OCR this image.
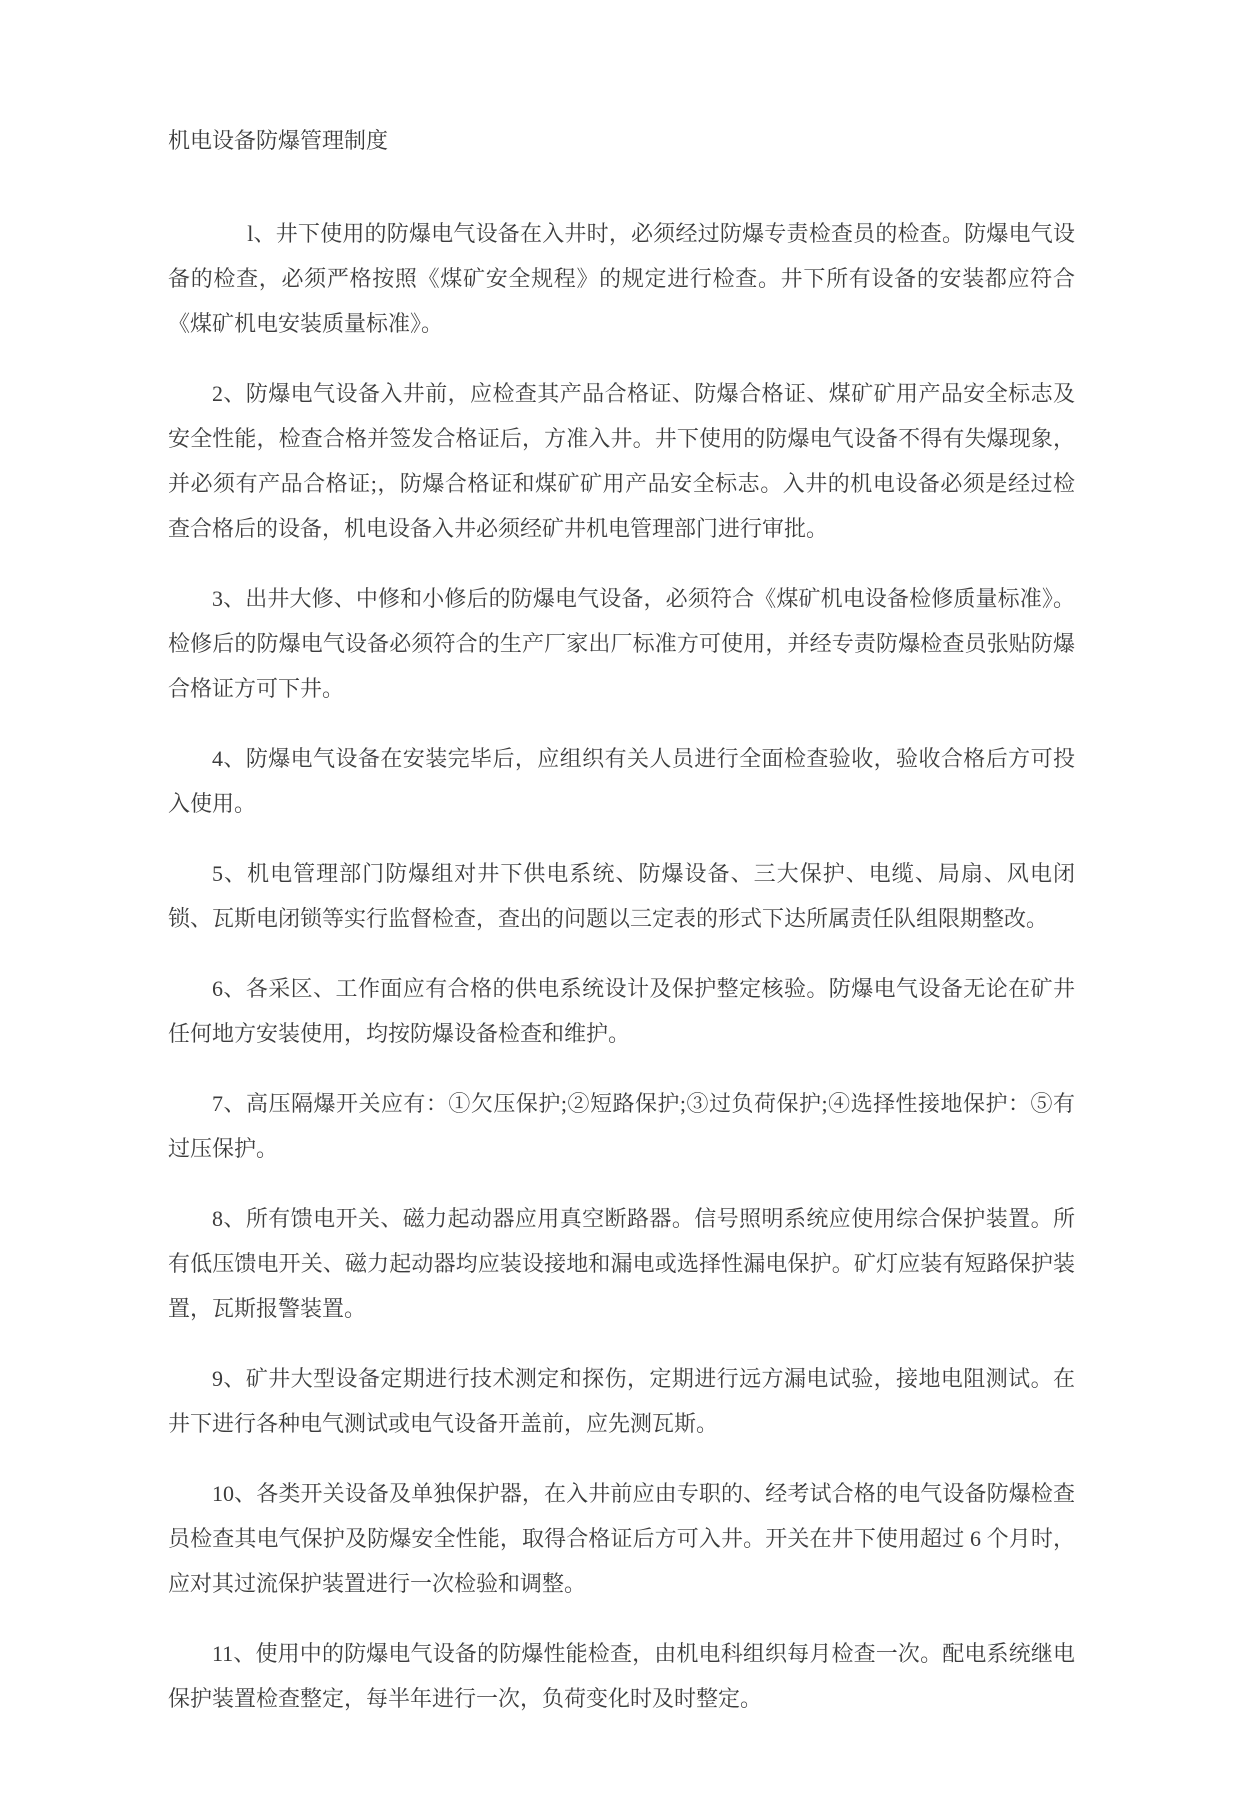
机电设备防爆管理制度

l、井下使用的防爆电气设备在入井时，必须经过防爆专责检查员的检查。防爆电气设备的检查，必须严格按照《煤矿安全规程》的规定进行检查。井下所有设备的安装都应符合《煤矿机电安装质量标准》。

2、防爆电气设备入井前，应检查其产品合格证、防爆合格证、煤矿矿用产品安全标志及安全性能，检查合格并签发合格证后，方准入井。井下使用的防爆电气设备不得有失爆现象，并必须有产品合格证;，防爆合格证和煤矿矿用产品安全标志。入井的机电设备必须是经过检查合格后的设备，机电设备入井必须经矿井机电管理部门进行审批。

3、出井大修、中修和小修后的防爆电气设备，必须符合《煤矿机电设备检修质量标准》。检修后的防爆电气设备必须符合的生产厂家出厂标准方可使用，并经专责防爆检查员张贴防爆合格证方可下井。

4、防爆电气设备在安装完毕后，应组织有关人员进行全面检查验收，验收合格后方可投入使用。

5、机电管理部门防爆组对井下供电系统、防爆设备、三大保护、电缆、局扇、风电闭锁、瓦斯电闭锁等实行监督检查，查出的问题以三定表的形式下达所属责任队组限期整改。

6、各采区、工作面应有合格的供电系统设计及保护整定核验。防爆电气设备无论在矿井任何地方安装使用，均按防爆设备检查和维护。

7、高压隔爆开关应有：①欠压保护;②短路保护;③过负荷保护;④选择性接地保护：⑤有过压保护。

8、所有馈电开关、磁力起动器应用真空断路器。信号照明系统应使用综合保护装置。所有低压馈电开关、磁力起动器均应装设接地和漏电或选择性漏电保护。矿灯应装有短路保护装置，瓦斯报警装置。

9、矿井大型设备定期进行技术测定和探伤，定期进行远方漏电试验，接地电阻测试。在井下进行各种电气测试或电气设备开盖前，应先测瓦斯。

10、各类开关设备及单独保护器，在入井前应由专职的、经考试合格的电气设备防爆检查员检查其电气保护及防爆安全性能，取得合格证后方可入井。开关在井下使用超过 6 个月时，应对其过流保护装置进行一次检验和调整。

11、使用中的防爆电气设备的防爆性能检查，由机电科组织每月检查一次。配电系统继电保护装置检查整定，每半年进行一次，负荷变化时及时整定。
